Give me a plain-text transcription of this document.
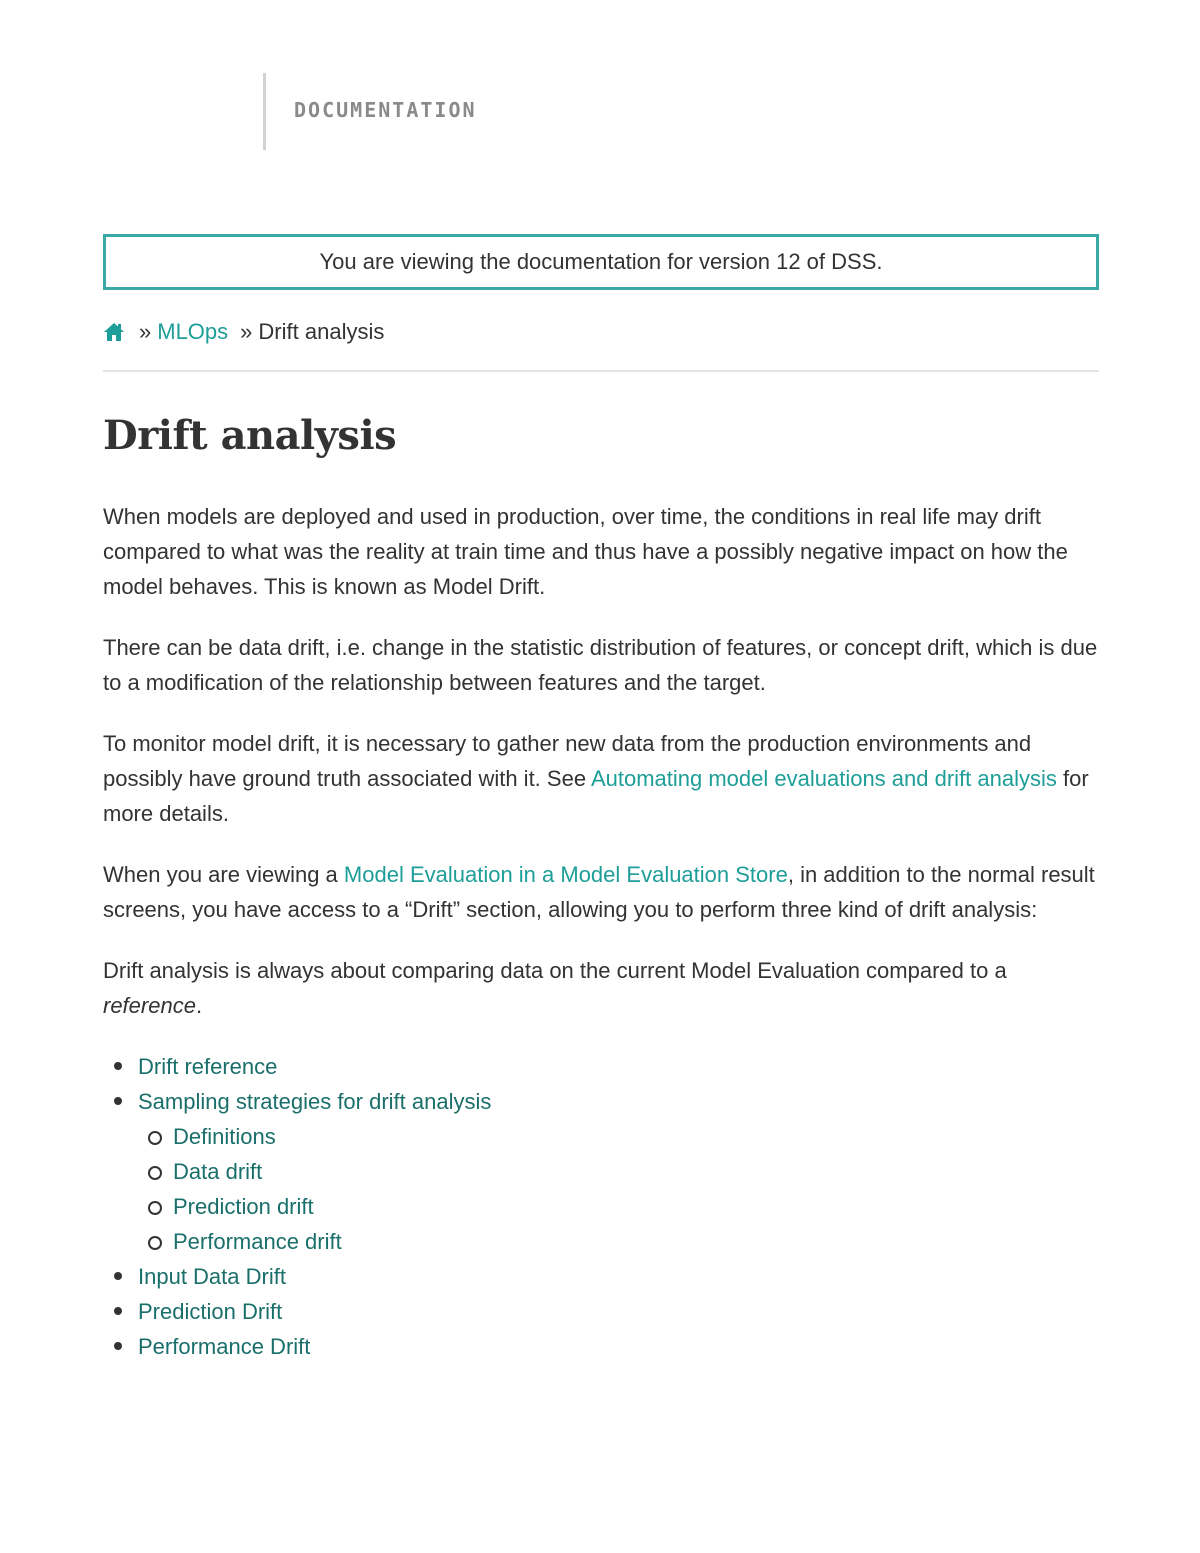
DOCUMENTATION
You are viewing the documentation for version 12 of DSS.
» MLOps » Drift analysis
Drift analysis

When models are deployed and used in production, over time, the conditions in real life may drift compared to what was the reality at train time and thus have a possibly negative impact on how the model behaves. This is known as Model Drift.

There can be data drift, i.e. change in the statistic distribution of features, or concept drift, which is due to a modification of the relationship between features and the target.

To monitor model drift, it is necessary to gather new data from the production environments and possibly have ground truth associated with it. See Automating model evaluations and drift analysis for more details.

When you are viewing a Model Evaluation in a Model Evaluation Store, in addition to the normal result screens, you have access to a “Drift” section, allowing you to perform three kind of drift analysis:

Drift analysis is always about comparing data on the current Model Evaluation compared to a reference.

Drift reference
Sampling strategies for drift analysis
Definitions
Data drift
Prediction drift
Performance drift
Input Data Drift
Prediction Drift
Performance Drift
